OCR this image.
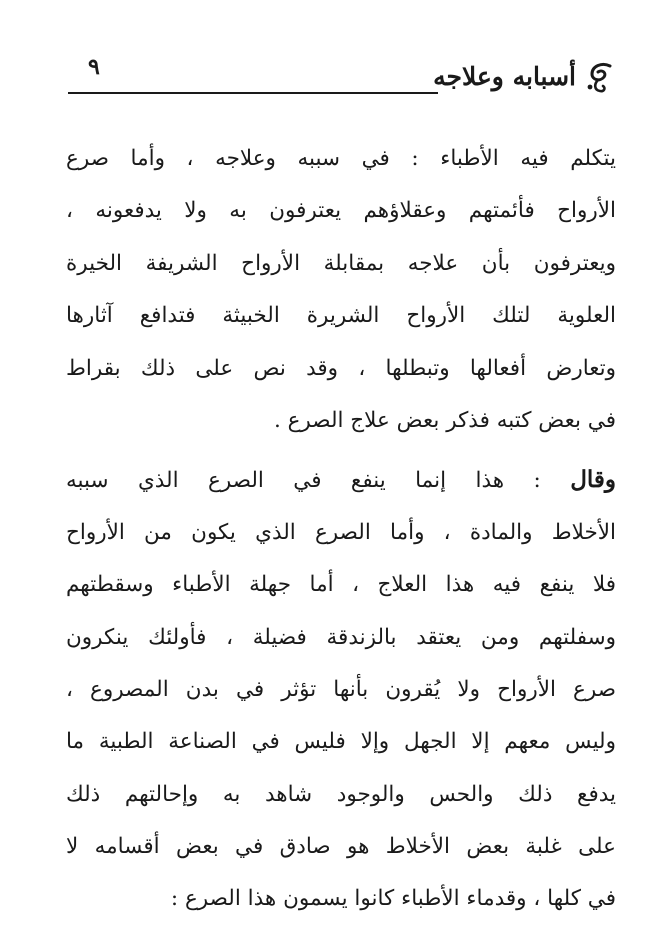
أسبابه وعلاجه
٩
يتكلم فيه الأطباء : في سببه وعلاجه ، وأما صرع
الأرواح فأئمتهم وعقلاؤهم يعترفون به ولا يدفعونه ،
ويعترفون بأن علاجه بمقابلة الأرواح الشريفة الخيرة
العلوية لتلك الأرواح الشريرة الخبيثة فتدافع آثارها
وتعارض أفعالها وتبطلها ، وقد نص على ذلك بقراط
في بعض كتبه فذكر بعض علاج الصرع .
وقال : هذا إنما ينفع في الصرع الذي سببه
الأخلاط والمادة ، وأما الصرع الذي يكون من الأرواح
فلا ينفع فيه هذا العلاج ، أما جهلة الأطباء وسقطتهم
وسفلتهم ومن يعتقد بالزندقة فضيلة ، فأولئك ينكرون
صرع الأرواح ولا يُقرون بأنها تؤثر في بدن المصروع ،
وليس معهم إلا الجهل وإلا فليس في الصناعة الطبية ما
يدفع ذلك والحس والوجود شاهد به وإحالتهم ذلك
على غلبة بعض الأخلاط هو صادق في بعض أقسامه لا
في كلها ، وقدماء الأطباء كانوا يسمون هذا الصرع :
